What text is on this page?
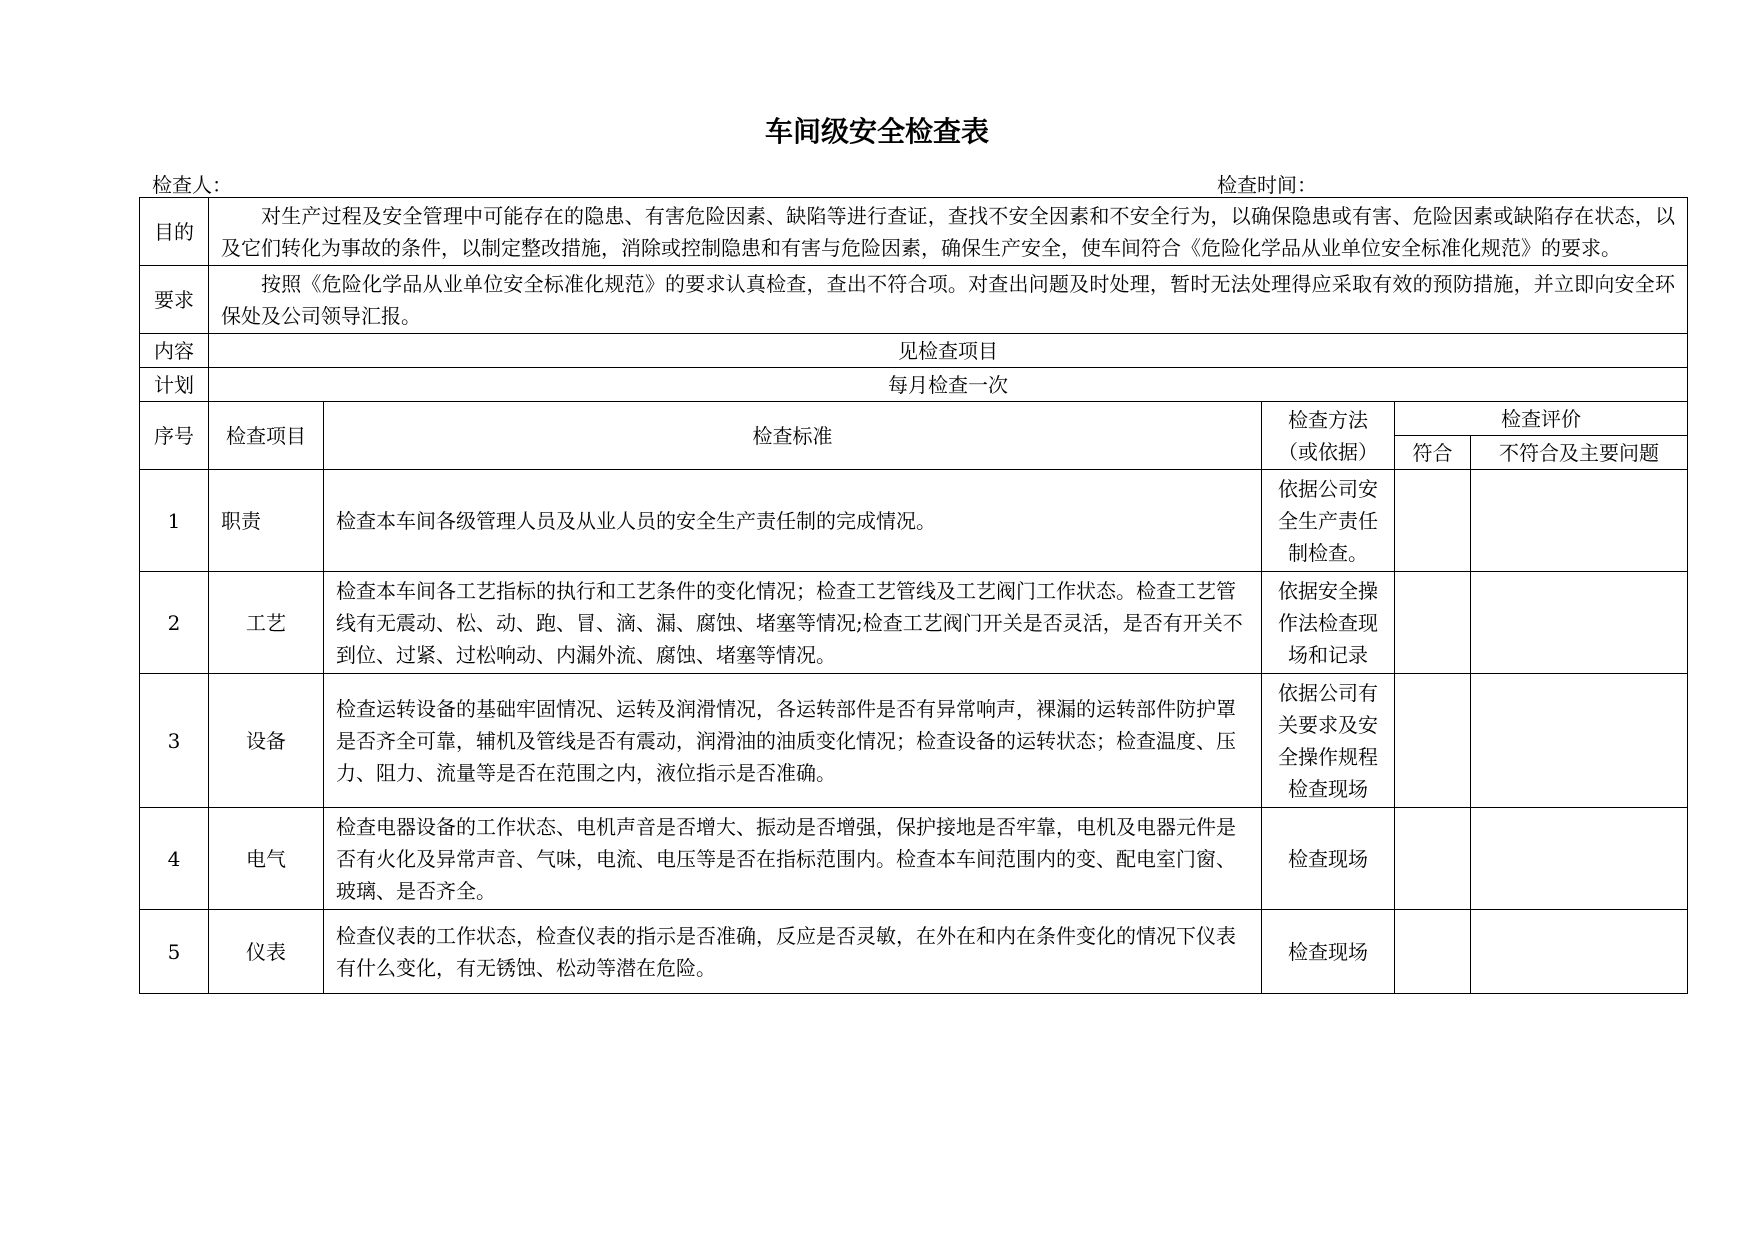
车间级安全检查表
检查人：	检查时间：
目的	对生产过程及安全管理中可能存在的隐患、有害危险因素、缺陷等进行查证，查找不安全因素和不安全行为，以确保隐患或有害、危险因素或缺陷存在状态，以及它们转化为事故的条件，以制定整改措施，消除或控制隐患和有害与危险因素，确保生产安全，使车间符合《危险化学品从业单位安全标准化规范》的要求。				
要求	按照《危险化学品从业单位安全标准化规范》的要求认真检查，查出不符合项。对查出问题及时处理，暂时无法处理得应采取有效的预防措施，并立即向安全环保处及公司领导汇报。				
内容	见检查项目				
计划	每月检查一次				
序号	检查项目	检查标准	检查方法（或依据）	检查评价	
				符合	不符合及主要问题
1	职责	检查本车间各级管理人员及从业人员的安全生产责任制的完成情况。	依据公司安全生产责任制检查。		
2	工艺	检查本车间各工艺指标的执行和工艺条件的变化情况；检查工艺管线及工艺阀门工作状态。检查工艺管线有无震动、松、动、跑、冒、滴、漏、腐蚀、堵塞等情况;检查工艺阀门开关是否灵活，是否有开关不到位、过紧、过松响动、内漏外流、腐蚀、堵塞等情况。	依据安全操作法检查现场和记录		
3	设备	检查运转设备的基础牢固情况、运转及润滑情况，各运转部件是否有异常响声，裸漏的运转部件防护罩是否齐全可靠，辅机及管线是否有震动，润滑油的油质变化情况；检查设备的运转状态；检查温度、压力、阻力、流量等是否在范围之内，液位指示是否准确。	依据公司有关要求及安全操作规程检查现场		
4	电气	检查电器设备的工作状态、电机声音是否增大、振动是否增强，保护接地是否牢靠，电机及电器元件是否有火化及异常声音、气味，电流、电压等是否在指标范围内。检查本车间范围内的变、配电室门窗、玻璃、是否齐全。	检查现场		
5	仪表	检查仪表的工作状态，检查仪表的指示是否准确，反应是否灵敏，在外在和内在条件变化的情况下仪表有什么变化，有无锈蚀、松动等潜在危险。	检查现场		
